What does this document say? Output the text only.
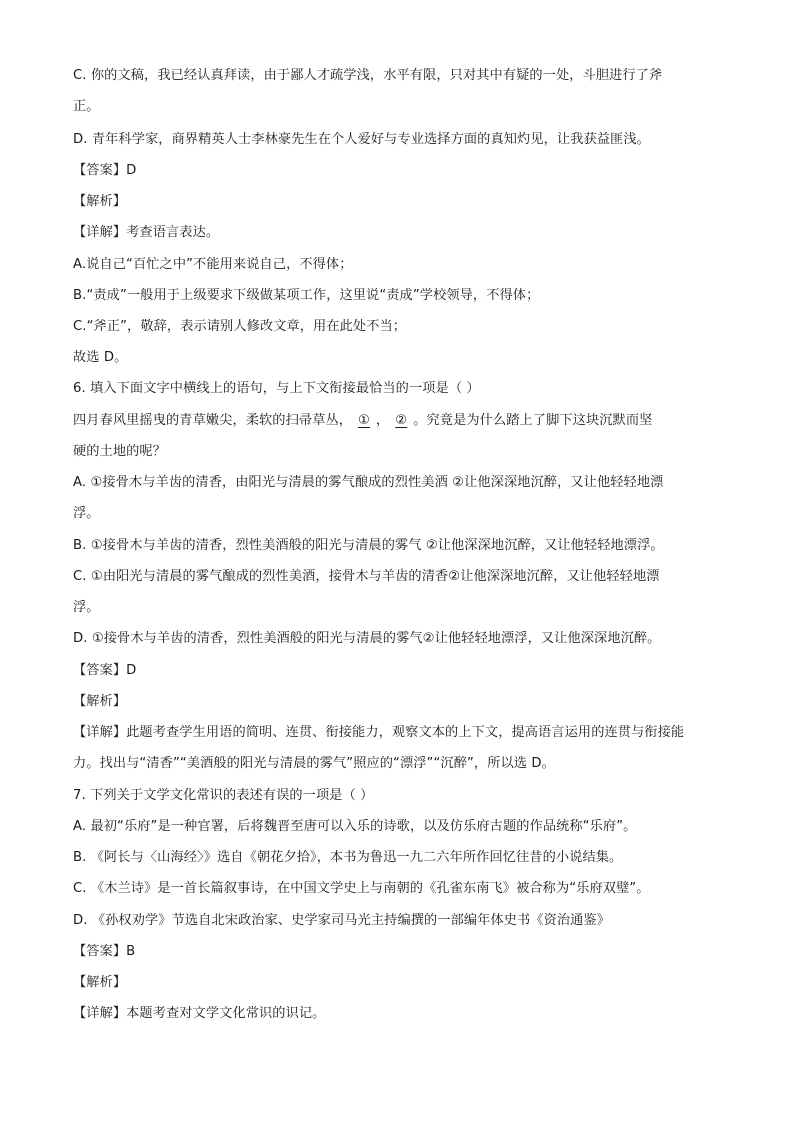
C. 你的文稿，我已经认真拜读，由于鄙人才疏学浅，水平有限，只对其中有疑的一处，斗胆进行了斧
正。
D. 青年科学家，商界精英人士李林豪先生在个人爱好与专业选择方面的真知灼见，让我获益匪浅。
【答案】D
【解析】
【详解】考查语言表达。
A.说自己“百忙之中”不能用来说自己，不得体；
B.“责成”一般用于上级要求下级做某项工作，这里说“责成”学校领导，不得体；
C.“斧正”，敬辞，表示请别人修改文章，用在此处不当；
故选 D。
6. 填入下面文字中横线上的语句，与上下文衔接最恰当的一项是（ ）
四月春风里摇曳的青草嫩尖，柔软的扫帚草丛， ① ， ② 。究竟是为什么踏上了脚下这块沉默而坚
硬的土地的呢？
A. ①接骨木与羊齿的清香，由阳光与清晨的雾气酿成的烈性美酒 ②让他深深地沉醉，又让他轻轻地漂
浮。
B. ①接骨木与羊齿的清香，烈性美酒般的阳光与清晨的雾气 ②让他深深地沉醉，又让他轻轻地漂浮。
C. ①由阳光与清晨的雾气酿成的烈性美酒，接骨木与羊齿的清香②让他深深地沉醉，又让他轻轻地漂
浮。
D. ①接骨木与羊齿的清香，烈性美酒般的阳光与清晨的雾气②让他轻轻地漂浮，又让他深深地沉醉。
【答案】D
【解析】
【详解】此题考查学生用语的简明、连贯、衔接能力，观察文本的上下文，提高语言运用的连贯与衔接能
力。找出与“清香”“美酒般的阳光与清晨的雾气”照应的“漂浮”“沉醉”，所以选 D。
7. 下列关于文学文化常识的表述有误的一项是（ ）
A. 最初“乐府”是一种官署，后将魏晋至唐可以入乐的诗歌，以及仿乐府古题的作品统称“乐府”。
B. 《阿长与〈山海经〉》选自《朝花夕拾》，本书为鲁迅一九二六年所作回忆往昔的小说结集。
C. 《木兰诗》是一首长篇叙事诗，在中国文学史上与南朝的《孔雀东南飞》被合称为“乐府双璧”。
D. 《孙权劝学》节选自北宋政治家、史学家司马光主持编撰的一部编年体史书《资治通鉴》
【答案】B
【解析】
【详解】本题考查对文学文化常识的识记。
